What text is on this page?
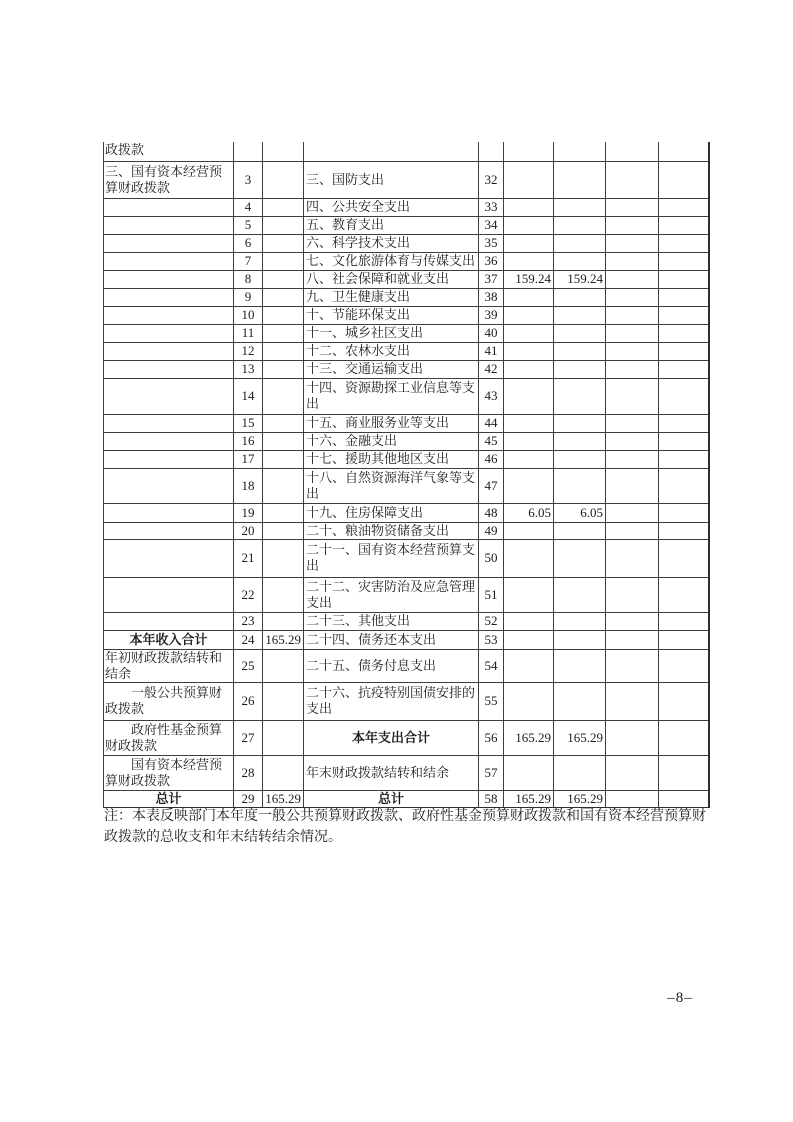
政拨款								
三、国有资本经营预算财政拨款	3		三、国防支出	32				
	4		四、公共安全支出	33				
	5		五、教育支出	34				
	6		六、科学技术支出	35				
	7		七、文化旅游体育与传媒支出	36				
	8		八、社会保障和就业支出	37	159.24	159.24		
	9		九、卫生健康支出	38				
	10		十、节能环保支出	39				
	11		十一、城乡社区支出	40				
	12		十二、农林水支出	41				
	13		十三、交通运输支出	42				
	14		十四、资源勘探工业信息等支出	43				
	15		十五、商业服务业等支出	44				
	16		十六、金融支出	45				
	17		十七、援助其他地区支出	46				
	18		十八、自然资源海洋气象等支出	47				
	19		十九、住房保障支出	48	6.05	6.05		
	20		二十、粮油物资储备支出	49				
	21		二十一、国有资本经营预算支出	50				
	22		二十二、灾害防治及应急管理支出	51				
	23		二十三、其他支出	52				
本年收入合计	24	165.29	二十四、债务还本支出	53				
年初财政拨款结转和结余	25		二十五、债务付息支出	54				
一般公共预算财政拨款	26		二十六、抗疫特别国债安排的支出	55				
政府性基金预算财政拨款	27		本年支出合计	56	165.29	165.29		
国有资本经营预算财政拨款	28		年末财政拨款结转和结余	57				
总计	29	165.29	总计	58	165.29	165.29		
注：本表反映部门本年度一般公共预算财政拨款、政府性基金预算财政拨款和国有资本经营预算财政拨款的总收支和年末结转结余情况。
–8–
